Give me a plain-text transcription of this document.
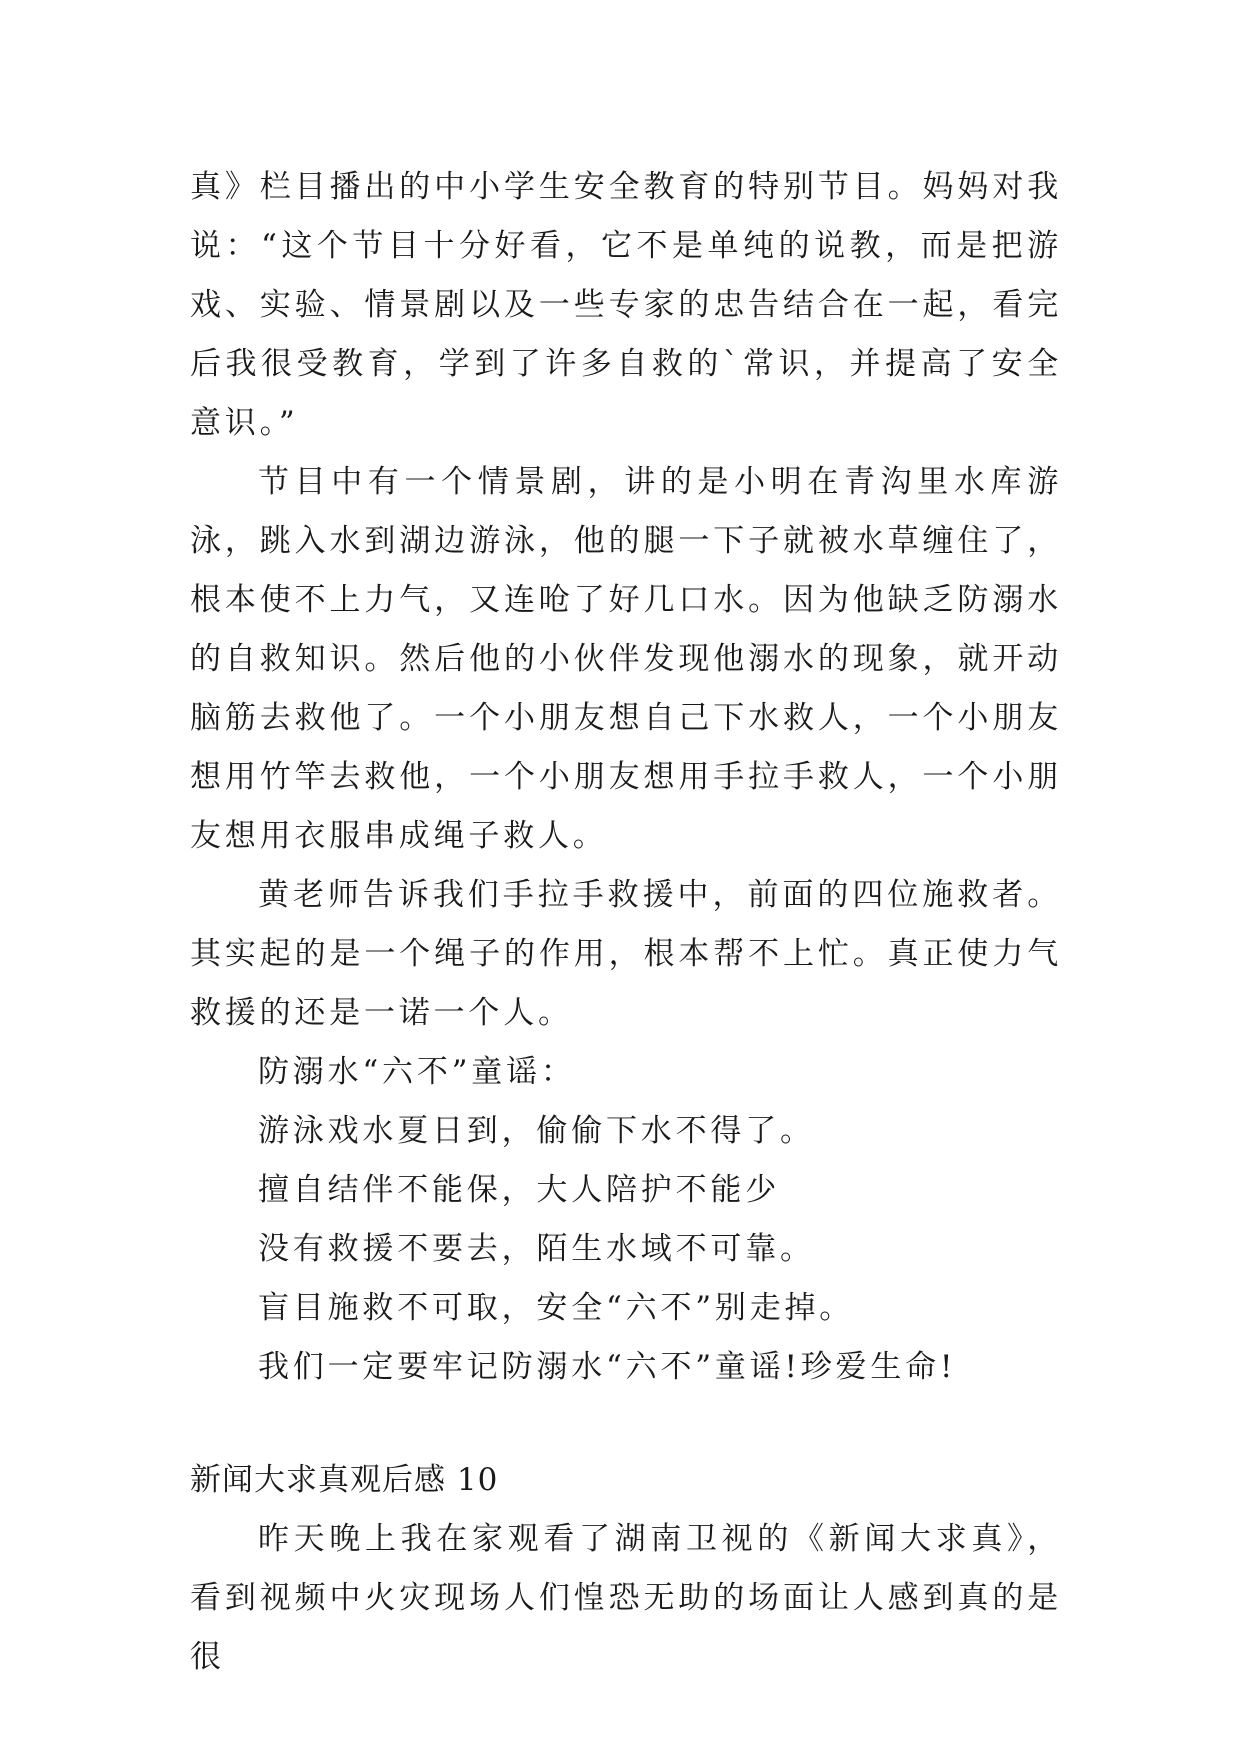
真》栏目播出的中小学生安全教育的特别节目。妈妈对我说：“这个节目十分好看，它不是单纯的说教，而是把游戏、实验、情景剧以及一些专家的忠告结合在一起，看完后我很受教育，学到了许多自救的`常识，并提高了安全意识。”

节目中有一个情景剧，讲的是小明在青沟里水库游泳，跳入水到湖边游泳，他的腿一下子就被水草缠住了，根本使不上力气，又连呛了好几口水。因为他缺乏防溺水的自救知识。然后他的小伙伴发现他溺水的现象，就开动脑筋去救他了。一个小朋友想自己下水救人，一个小朋友想用竹竿去救他，一个小朋友想用手拉手救人，一个小朋友想用衣服串成绳子救人。

黄老师告诉我们手拉手救援中，前面的四位施救者。其实起的是一个绳子的作用，根本帮不上忙。真正使力气救援的还是一诺一个人。

防溺水“六不”童谣：

游泳戏水夏日到，偷偷下水不得了。

擅自结伴不能保，大人陪护不能少

没有救援不要去，陌生水域不可靠。

盲目施救不可取，安全“六不”别走掉。

我们一定要牢记防溺水“六不”童谣!珍爱生命!

新闻大求真观后感 10

昨天晚上我在家观看了湖南卫视的《新闻大求真》，看到视频中火灾现场人们惶恐无助的场面让人感到真的是很
